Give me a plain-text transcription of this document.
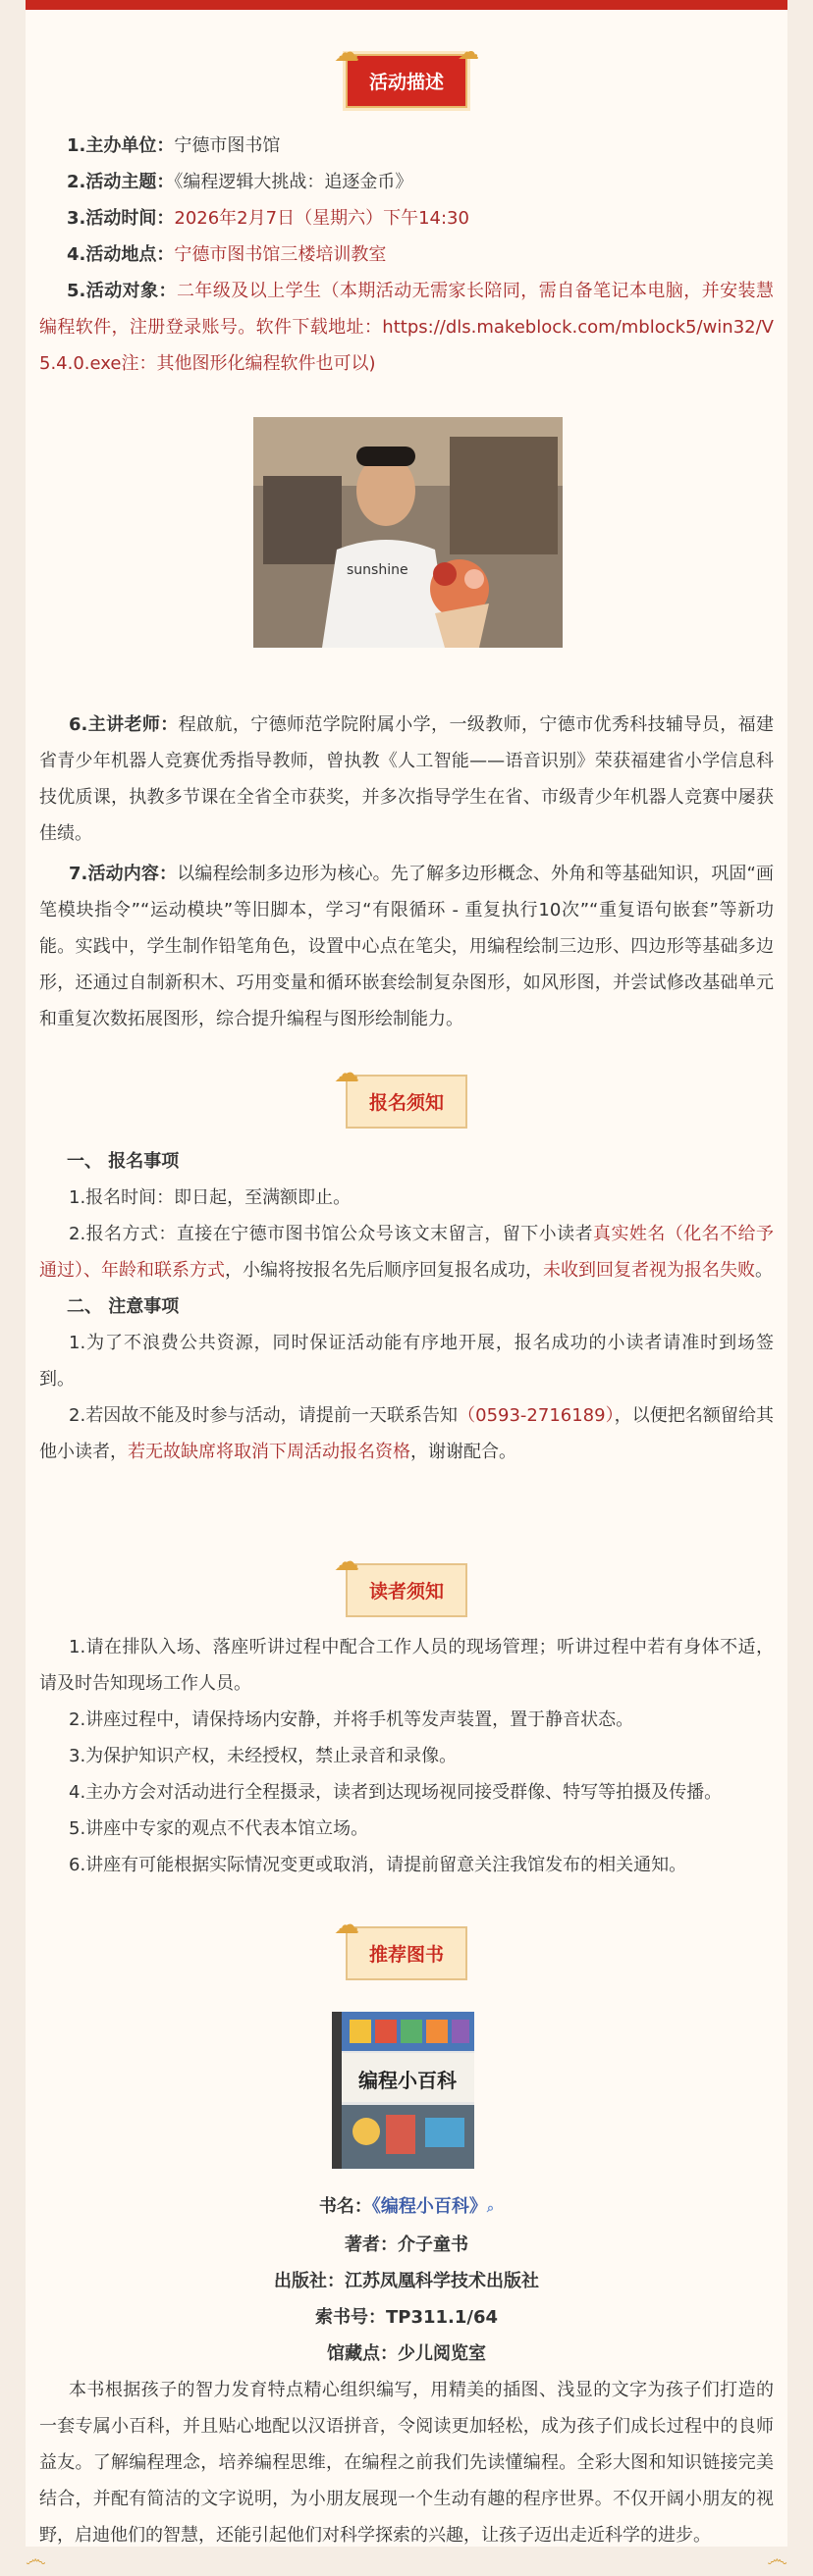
☁
活动描述
☁

1.主办单位：宁德市图书馆

2.活动主题：《编程逻辑大挑战：追逐金币》

3.活动时间：2026年2月7日（星期六）下午14:30

4.活动地点：宁德市图书馆三楼培训教室

5.活动对象：二年级及以上学生（本期活动无需家长陪同，需自备笔记本电脑，并安装慧编程软件，注册登录账号。软件下载地址：https://dls.makeblock.com/mblock5/win32/V5.4.0.exe注：其他图形化编程软件也可以)

sunshine

6.主讲老师：程啟航，宁德师范学院附属小学，一级教师，宁德市优秀科技辅导员，福建省青少年机器人竞赛优秀指导教师，曾执教《人工智能——语音识别》荣获福建省小学信息科技优质课，执教多节课在全省全市获奖，并多次指导学生在省、市级青少年机器人竞赛中屡获佳绩。

7.活动内容：以编程绘制多边形为核心。先了解多边形概念、外角和等基础知识，巩固“画笔模块指令”“运动模块”等旧脚本，学习“有限循环 - 重复执行10次”“重复语句嵌套”等新功能。实践中，学生制作铅笔角色，设置中心点在笔尖，用编程绘制三边形、四边形等基础多边形，还通过自制新积木、巧用变量和循环嵌套绘制复杂图形，如风形图，并尝试修改基础单元和重复次数拓展图形，综合提升编程与图形绘制能力。

☁
报名须知

一、 报名事项

1.报名时间：即日起，至满额即止。

2.报名方式：直接在宁德市图书馆公众号该文末留言，留下小读者真实姓名（化名不给予通过）、年龄和联系方式，小编将按报名先后顺序回复报名成功，未收到回复者视为报名失败。

二、 注意事项

1.为了不浪费公共资源，同时保证活动能有序地开展，报名成功的小读者请准时到场签到。

2.若因故不能及时参与活动，请提前一天联系告知（0593-2716189），以便把名额留给其他小读者，若无故缺席将取消下周活动报名资格，谢谢配合。

☁
读者须知

1.请在排队入场、落座听讲过程中配合工作人员的现场管理；听讲过程中若有身体不适，请及时告知现场工作人员。

2.讲座过程中，请保持场内安静，并将手机等发声装置，置于静音状态。

3.为保护知识产权，未经授权，禁止录音和录像。

4.主办方会对活动进行全程摄录，读者到达现场视同接受群像、特写等拍摄及传播。

5.讲座中专家的观点不代表本馆立场。

6.讲座有可能根据实际情况变更或取消，请提前留意关注我馆发布的相关通知。

☁
推荐图书
编程小百科

书名：《编程小百科》⌕

著者：介子童书

出版社：江苏凤凰科学技术出版社

索书号：TP311.1/64

馆藏点：少儿阅览室

本书根据孩子的智力发育特点精心组织编写，用精美的插图、浅显的文字为孩子们打造的一套专属小百科，并且贴心地配以汉语拼音，令阅读更加轻松，成为孩子们成长过程中的良师益友。了解编程理念，培养编程思维，在编程之前我们先读懂编程。全彩大图和知识链接完美结合，并配有简洁的文字说明，为小朋友展现一个生动有趣的程序世界。不仅开阔小朋友的视野，启迪他们的智慧，还能引起他们对科学探索的兴趣，让孩子迈出走近科学的进步。

෴	෴
